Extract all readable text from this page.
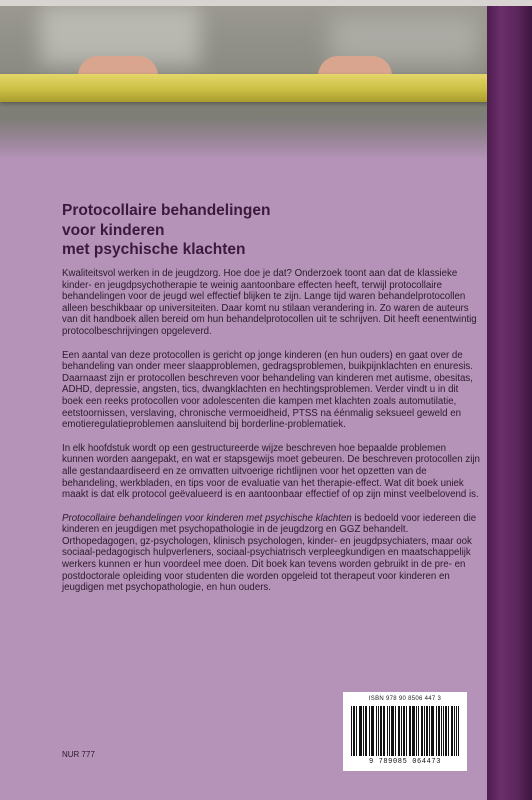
Protocollaire behandelingen
voor kinderen
met psychische klachten

Kwaliteitsvol werken in de jeugdzorg. Hoe doe je dat? Onderzoek toont aan dat de klassieke kinder- en jeugdpsychotherapie te weinig aantoonbare effecten heeft, terwijl protocollaire behandelingen voor de jeugd wel effectief blijken te zijn. Lange tijd waren behandelprotocollen alleen beschikbaar op universiteiten. Daar komt nu stilaan verandering in. Zo waren de auteurs van dit handboek allen bereid om hun behandelprotocollen uit te schrijven. Dit heeft eenentwintig protocolbeschrijvingen opgeleverd.

Een aantal van deze protocollen is gericht op jonge kinderen (en hun ouders) en gaat over de behandeling van onder meer slaapproblemen, gedragsproblemen, buikpijnklachten en enuresis. Daarnaast zijn er protocollen beschreven voor behandeling van kinderen met autisme, obesitas, ADHD, depressie, angsten, tics, dwangklachten en hechtingsproblemen. Verder vindt u in dit boek een reeks protocollen voor adolescenten die kampen met klachten zoals automutilatie, eetstoornissen, verslaving, chronische vermoeidheid, PTSS na éénmalig seksueel geweld en emotieregulatieproblemen aansluitend bij borderline-problematiek.

In elk hoofdstuk wordt op een gestructureerde wijze beschreven hoe bepaalde problemen kunnen worden aangepakt, en wat er stapsgewijs moet gebeuren. De beschreven protocollen zijn alle gestandaardiseerd en ze omvatten uitvoerige richtlijnen voor het opzetten van de behandeling, werkbladen, en tips voor de evaluatie van het therapie-effect. Wat dit boek uniek maakt is dat elk protocol geëvalueerd is en aantoonbaar effectief of op zijn minst veelbelovend is.

Protocollaire behandelingen voor kinderen met psychische klachten is bedoeld voor iedereen die kinderen en jeugdigen met psychopathologie in de jeugdzorg en GGZ behandelt. Orthopedagogen, gz-psychologen, klinisch psychologen, kinder- en jeugdpsychiaters, maar ook sociaal-pedagogisch hulpverleners, sociaal-psychiatrisch verpleegkundigen en maatschappelijk werkers kunnen er hun voordeel mee doen. Dit boek kan tevens worden gebruikt in de pre- en postdoctorale opleiding voor studenten die worden opgeleid tot therapeut voor kinderen en jeugdigen met psychopathologie, en hun ouders.

NUR 777
ISBN 978 90 8506 447 3
9 789085 064473
